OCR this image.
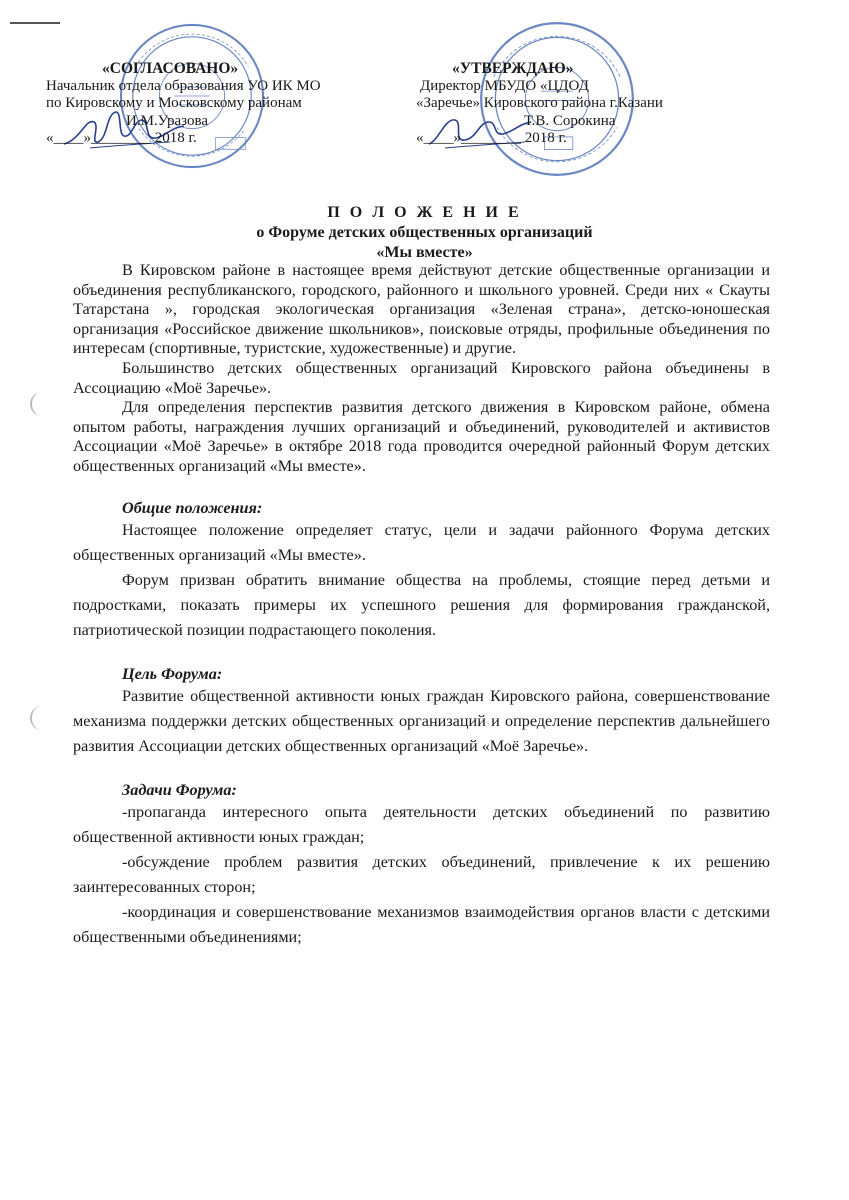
«СОГЛАСОВАНО»
Начальник отдела образования УО ИК МО
по Кировскому и Московскому районам
И.М.Уразова
«____»________ 2018 г.
«УТВЕРЖДАЮ»
Директор МБУДО «ЦДОД
«Заречье» Кировского района г.Казани
Т.В. Сорокина
«____»________ 2018 г.
П О Л О Ж Е Н И Е
о Форуме детских общественных организаций
«Мы вместе»

В Кировском районе в настоящее время действуют детские общественные организации и объединения республиканского, городского, районного и школьного уровней. Среди них « Скауты Татарстана », городская экологическая организация «Зеленая страна», детско-юношеская организация «Российское движение школьников», поисковые отряды, профильные объединения по интересам (спортивные, туристские, художественные) и другие.

Большинство детских общественных организаций Кировского района объединены в Ассоциацию «Моё Заречье».

Для определения перспектив развития детского движения в Кировском районе, обмена опытом работы, награждения лучших организаций и объединений, руководителей и активистов Ассоциации «Моё Заречье» в октябре 2018 года проводится очередной районный Форум детских общественных организаций «Мы вместе».

Общие положения:

Настоящее положение определяет статус, цели и задачи районного Форума детских общественных организаций «Мы вместе».

Форум призван обратить внимание общества на проблемы, стоящие перед детьми и подростками, показать примеры их успешного решения для формирования гражданской, патриотической позиции подрастающего поколения.

Цель Форума:

Развитие общественной активности юных граждан Кировского района, совершенствование механизма поддержки детских общественных организаций и определение перспектив дальнейшего развития Ассоциации детских общественных организаций «Моё Заречье».

Задачи Форума:

-пропаганда интересного опыта деятельности детских объединений по развитию общественной активности юных граждан;

-обсуждение проблем развития детских объединений, привлечение к их решению заинтересованных сторон;

-координация и совершенствование механизмов взаимодействия органов власти с детскими общественными объединениями;
